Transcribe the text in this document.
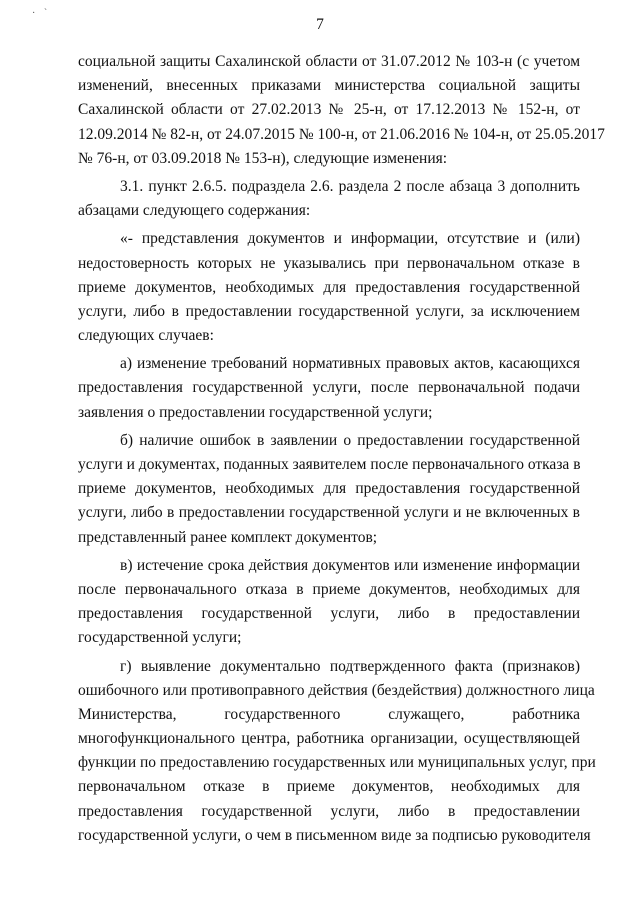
· `
7
социальной защиты Сахалинской области от 31.07.2012 № 103-н (с учетом
изменений, внесенных приказами министерства социальной защиты
Сахалинской области от 27.02.2013 № 25-н, от 17.12.2013 № 152-н, от
12.09.2014 № 82-н, от 24.07.2015 № 100-н, от 21.06.2016 № 104-н, от 25.05.2017
№ 76-н, от 03.09.2018 № 153-н), следующие изменения:
3.1. пункт 2.6.5. подраздела 2.6. раздела 2 после абзаца 3 дополнить
абзацами следующего содержания:
«- представления документов и информации, отсутствие и (или)
недостоверность которых не указывались при первоначальном отказе в
приеме документов, необходимых для предоставления государственной
услуги, либо в предоставлении государственной услуги, за исключением
следующих случаев:
а) изменение требований нормативных правовых актов, касающихся
предоставления государственной услуги, после первоначальной подачи
заявления о предоставлении государственной услуги;
б) наличие ошибок в заявлении о предоставлении государственной
услуги и документах, поданных заявителем после первоначального отказа в
приеме документов, необходимых для предоставления государственной
услуги, либо в предоставлении государственной услуги и не включенных в
представленный ранее комплект документов;
в) истечение срока действия документов или изменение информации
после первоначального отказа в приеме документов, необходимых для
предоставления государственной услуги, либо в предоставлении
государственной услуги;
г) выявление документально подтвержденного факта (признаков)
ошибочного или противоправного действия (бездействия) должностного лица
Министерства, государственного служащего, работника
многофункционального центра, работника организации, осуществляющей
функции по предоставлению государственных или муниципальных услуг, при
первоначальном отказе в приеме документов, необходимых для
предоставления государственной услуги, либо в предоставлении
государственной услуги, о чем в письменном виде за подписью руководителя
